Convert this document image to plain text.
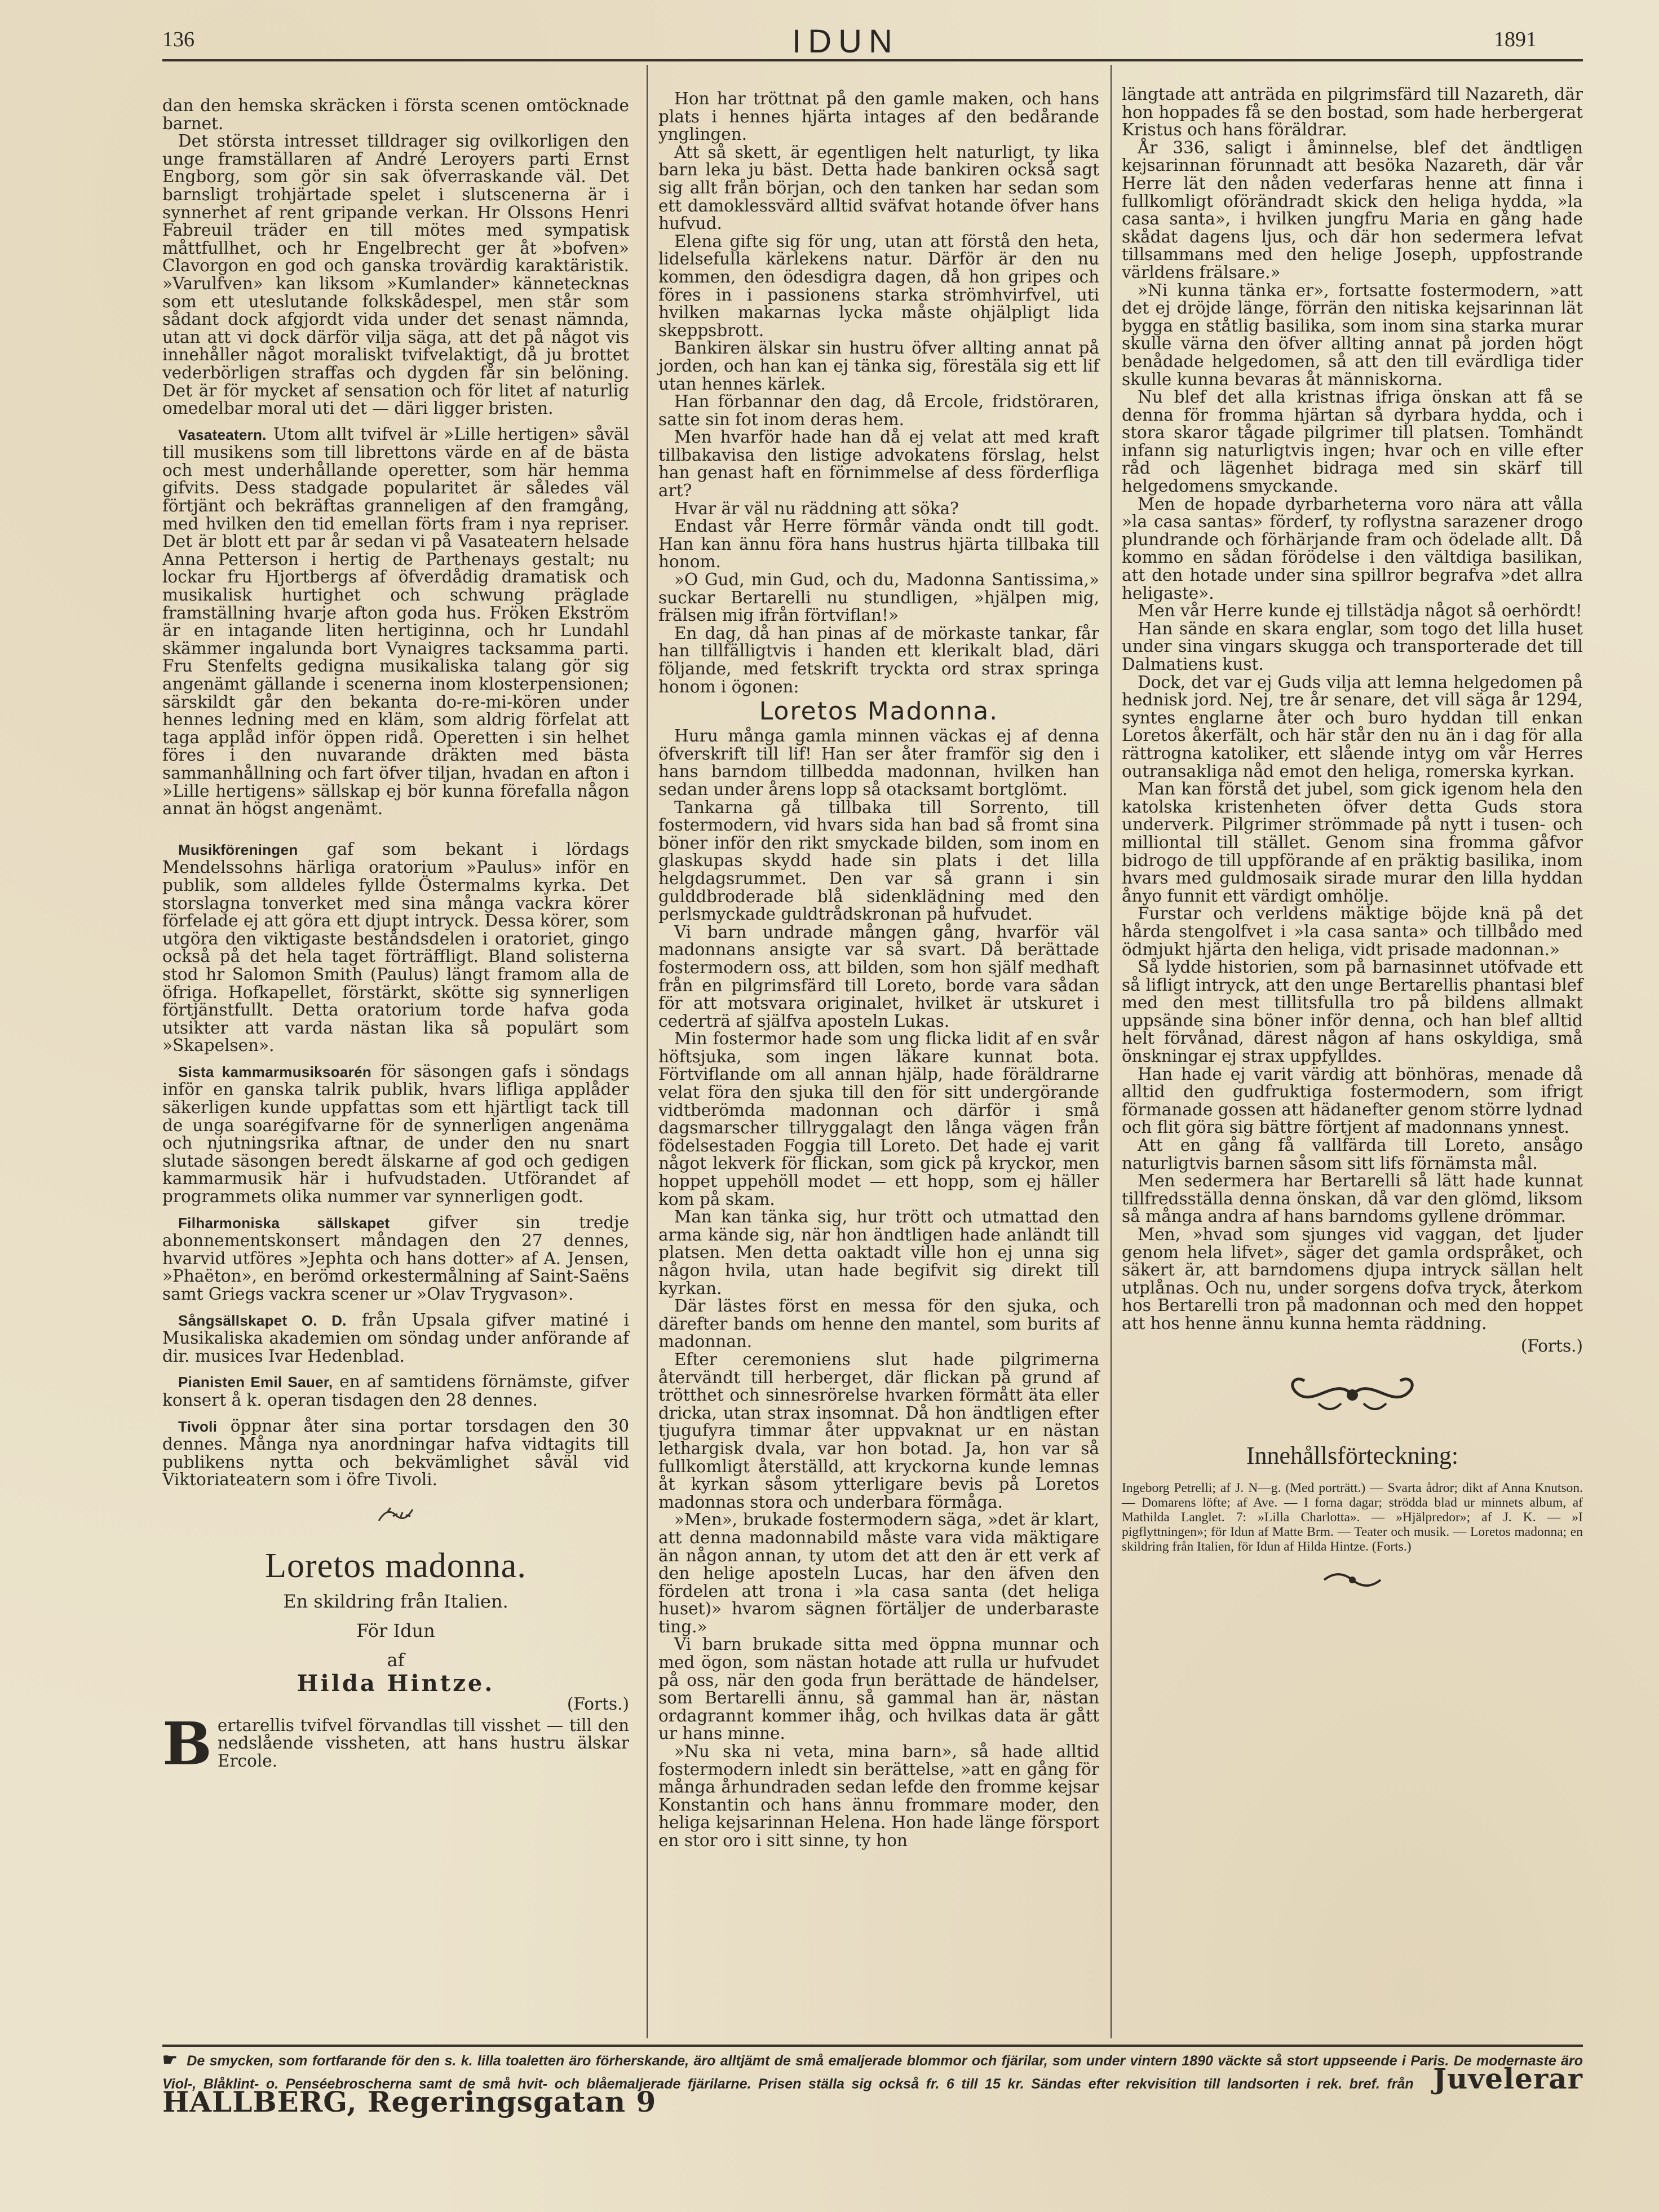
136	IDUN	1891

dan den hemska skräcken i första scenen omtöcknade barnet.

Det största intresset tilldrager sig ovilkorligen den unge framställaren af André Leroyers parti Ernst Engborg, som gör sin sak öfverraskande väl. Det barnsligt trohjärtade spelet i slutscenerna är i synnerhet af rent gripande verkan. Hr Olssons Henri Fabreuil träder en till mötes med sympatisk måttfullhet, och hr Engelbrecht ger åt »bofven» Clavorgon en god och ganska trovärdig karaktäristik. »Varulfven» kan liksom »Kumlander» kännetecknas som ett uteslutande folkskådespel, men står som sådant dock afgjordt vida under det senast nämnda, utan att vi dock därför vilja säga, att det på något vis innehåller något moraliskt tvifvelaktigt, då ju brottet vederbörligen straffas och dygden får sin belöning. Det är för mycket af sensation och för litet af naturlig omedelbar moral uti det — däri ligger bristen.

Vasateatern. Utom allt tvifvel är »Lille hertigen» såväl till musikens som till librettons värde en af de bästa och mest underhållande operetter, som här hemma gifvits. Dess stadgade popularitet är således väl förtjänt och bekräftas granneligen af den framgång, med hvilken den tid emellan förts fram i nya repriser. Det är blott ett par år sedan vi på Vasateatern helsade Anna Petterson i hertig de Parthenays gestalt; nu lockar fru Hjortbergs af öfverdådig dramatisk och musikalisk hurtighet och schwung präglade framställning hvarje afton goda hus. Fröken Ekström är en intagande liten hertiginna, och hr Lundahl skämmer ingalunda bort Vynaigres tacksamma parti. Fru Stenfelts gedigna musikaliska talang gör sig angenämt gällande i scenerna inom klosterpensionen; särskildt går den bekanta do-re-mi-kören under hennes ledning med en kläm, som aldrig förfelat att taga applåd inför öppen ridå. Operetten i sin helhet föres i den nuvarande dräkten med bästa sammanhållning och fart öfver tiljan, hvadan en afton i »Lille hertigens» sällskap ej bör kunna förefalla någon annat än högst angenämt.

Musikföreningen gaf som bekant i lördags Mendelssohns härliga oratorium »Paulus» inför en publik, som alldeles fyllde Östermalms kyrka. Det storslagna tonverket med sina många vackra körer förfelade ej att göra ett djupt intryck. Dessa körer, som utgöra den viktigaste beståndsdelen i oratoriet, gingo också på det hela taget förträffligt. Bland solisterna stod hr Salomon Smith (Paulus) längt framom alla de öfriga. Hofkapellet, förstärkt, skötte sig synnerligen förtjänstfullt. Detta oratorium torde hafva goda utsikter att varda nästan lika så populärt som »Skapelsen».

Sista kammarmusiksoarén för säsongen gafs i söndags inför en ganska talrik publik, hvars lifliga applåder säkerligen kunde uppfattas som ett hjärtligt tack till de unga soarégifvarne för de synnerligen angenäma och njutningsrika aftnar, de under den nu snart slutade säsongen beredt älskarne af god och gedigen kammarmusik här i hufvudstaden. Utförandet af programmets olika nummer var synnerligen godt.

Filharmoniska sällskapet gifver sin tredje abonnementskonsert måndagen den 27 dennes, hvarvid utföres »Jephta och hans dotter» af A. Jensen, »Phaëton», en berömd orkestermålning af Saint-Saëns samt Griegs vackra scener ur »Olav Trygvason».

Sångsällskapet O. D. från Upsala gifver matiné i Musikaliska akademien om söndag under anförande af dir. musices Ivar Hedenblad.

Pianisten Emil Sauer, en af samtidens förnämste, gifver konsert å k. operan tisdagen den 28 dennes.

Tivoli öppnar åter sina portar torsdagen den 30 dennes. Många nya anordningar hafva vidtagits till publikens nytta och bekvämlighet såväl vid Viktoriateatern som i öfre Tivoli.

Loretos madonna.
En skildring från Italien.
För Idun
af
Hilda Hintze.
(Forts.)

Bertarellis tvifvel förvandlas till visshet — till den nedslående vissheten, att hans hustru älskar Ercole.

Hon har tröttnat på den gamle maken, och hans plats i hennes hjärta intages af den bedårande ynglingen.

Att så skett, är egentligen helt naturligt, ty lika barn leka ju bäst. Detta hade bankiren också sagt sig allt från början, och den tanken har sedan som ett damoklessvärd alltid sväfvat hotande öfver hans hufvud.

Elena gifte sig för ung, utan att förstå den heta, lidelsefulla kärlekens natur. Därför är den nu kommen, den ödesdigra dagen, då hon gripes och föres in i passionens starka strömhvirfvel, uti hvilken makarnas lycka måste ohjälpligt lida skeppsbrott.

Bankiren älskar sin hustru öfver allting annat på jorden, och han kan ej tänka sig, förestäla sig ett lif utan hennes kärlek.

Han förbannar den dag, då Ercole, fridstöraren, satte sin fot inom deras hem.

Men hvarför hade han då ej velat att med kraft tillbakavisa den listige advokatens förslag, helst han genast haft en förnimmelse af dess förderfliga art?

Hvar är väl nu räddning att söka?

Endast vår Herre förmår vända ondt till godt. Han kan ännu föra hans hustrus hjärta tillbaka till honom.

»O Gud, min Gud, och du, Madonna Santissima,» suckar Bertarelli nu stundligen, »hjälpen mig, frälsen mig ifrån förtviflan!»

En dag, då han pinas af de mörkaste tankar, får han tillfälligtvis i handen ett klerikalt blad, däri följande, med fetskrift tryckta ord strax springa honom i ögonen:

Loretos Madonna.

Huru många gamla minnen väckas ej af denna öfverskrift till lif! Han ser åter framför sig den i hans barndom tillbedda madonnan, hvilken han sedan under årens lopp så otacksamt bortglömt.

Tankarna gå tillbaka till Sorrento, till fostermodern, vid hvars sida han bad så fromt sina böner inför den rikt smyckade bilden, som inom en glaskupas skydd hade sin plats i det lilla helgdagsrummet. Den var så grann i sin gulddbroderade blå sidenklädning med den perlsmyckade guldtrådskronan på hufvudet.

Vi barn undrade mången gång, hvarför väl madonnans ansigte var så svart. Då berättade fostermodern oss, att bilden, som hon själf medhaft från en pilgrimsfärd till Loreto, borde vara sådan för att motsvara originalet, hvilket är utskuret i cederträ af själfva aposteln Lukas.

Min fostermor hade som ung flicka lidit af en svår höftsjuka, som ingen läkare kunnat bota. Förtviflande om all annan hjälp, hade föräldrarne velat föra den sjuka till den för sitt undergörande vidtberömda madonnan och därför i små dagsmarscher tillryggalagt den långa vägen från födelsestaden Foggia till Loreto. Det hade ej varit något lekverk för flickan, som gick på kryckor, men hoppet uppehöll modet — ett hopp, som ej häller kom på skam.

Man kan tänka sig, hur trött och utmattad den arma kände sig, när hon ändtligen hade anländt till platsen. Men detta oaktadt ville hon ej unna sig någon hvila, utan hade begifvit sig direkt till kyrkan.

Där lästes först en messa för den sjuka, och därefter bands om henne den mantel, som burits af madonnan.

Efter ceremoniens slut hade pilgrimerna återvändt till herberget, där flickan på grund af trötthet och sinnesrörelse hvarken förmått äta eller dricka, utan strax insomnat. Då hon ändtligen efter tjugufyra timmar åter uppvaknat ur en nästan lethargisk dvala, var hon botad. Ja, hon var så fullkomligt återställd, att kryckorna kunde lemnas åt kyrkan såsom ytterligare bevis på Loretos madonnas stora och underbara förmåga.

»Men», brukade fostermodern säga, »det är klart, att denna madonnabild måste vara vida mäktigare än någon annan, ty utom det att den är ett verk af den helige aposteln Lucas, har den äfven den fördelen att trona i »la casa santa (det heliga huset)» hvarom sägnen förtäljer de underbaraste ting.»

Vi barn brukade sitta med öppna munnar och med ögon, som nästan hotade att rulla ur hufvudet på oss, när den goda frun berättade de händelser, som Bertarelli ännu, så gammal han är, nästan ordagrannt kommer ihåg, och hvilkas data är gått ur hans minne.

»Nu ska ni veta, mina barn», så hade alltid fostermodern inledt sin berättelse, »att en gång för många århundraden sedan lefde den fromme kejsar Konstantin och hans ännu frommare moder, den heliga kejsarinnan Helena. Hon hade länge försport en stor oro i sitt sinne, ty hon

längtade att anträda en pilgrimsfärd till Nazareth, där hon hoppades få se den bostad, som hade herbergerat Kristus och hans föräldrar.

År 336, saligt i åminnelse, blef det ändtligen kejsarinnan förunnadt att besöka Nazareth, där vår Herre lät den nåden vederfaras henne att finna i fullkomligt oförändradt skick den heliga hydda, »la casa santa», i hvilken jungfru Maria en gång hade skådat dagens ljus, och där hon sedermera lefvat tillsammans med den helige Joseph, uppfostrande världens frälsare.»

»Ni kunna tänka er», fortsatte fostermodern, »att det ej dröjde länge, förrän den nitiska kejsarinnan lät bygga en ståtlig basilika, som inom sina starka murar skulle värna den öfver allting annat på jorden högt benådade helgedomen, så att den till evärdliga tider skulle kunna bevaras åt människorna.

Nu blef det alla kristnas ifriga önskan att få se denna för fromma hjärtan så dyrbara hydda, och i stora skaror tågade pilgrimer till platsen. Tomhändt infann sig naturligtvis ingen; hvar och en ville efter råd och lägenhet bidraga med sin skärf till helgedomens smyckande.

Men de hopade dyrbarheterna voro nära att vålla »la casa santas» förderf, ty roflystna sarazener drogo plundrande och förhärjande fram och ödelade allt. Då kommo en sådan förödelse i den vältdiga basilikan, att den hotade under sina spillror begrafva »det allra heligaste».

Men vår Herre kunde ej tillstädja något så oerhördt!

Han sände en skara englar, som togo det lilla huset under sina vingars skugga och transporterade det till Dalmatiens kust.

Dock, det var ej Guds vilja att lemna helgedomen på hednisk jord. Nej, tre år senare, det vill säga år 1294, syntes englarne åter och buro hyddan till enkan Loretos åkerfält, och här står den nu än i dag för alla rättrogna katoliker, ett slående intyg om vår Herres outransakliga nåd emot den heliga, romerska kyrkan.

Man kan förstå det jubel, som gick igenom hela den katolska kristenheten öfver detta Guds stora underverk. Pilgrimer strömmade på nytt i tusen- och milliontal till stället. Genom sina fromma gåfvor bidrogo de till uppförande af en präktig basilika, inom hvars med guldmosaik sirade murar den lilla hyddan ånyo funnit ett värdigt omhölje.

Furstar och verldens mäktige böjde knä på det hårda stengolfvet i »la casa santa» och tillbådo med ödmjukt hjärta den heliga, vidt prisade madonnan.»

Så lydde historien, som på barnasinnet utöfvade ett så lifligt intryck, att den unge Bertarellis phantasi blef med den mest tillitsfulla tro på bildens allmakt uppsände sina böner inför denna, och han blef alltid helt förvånad, därest någon af hans oskyldiga, små önskningar ej strax uppfylldes.

Han hade ej varit värdig att bönhöras, menade då alltid den gudfruktiga fostermodern, som ifrigt förmanade gossen att hädanefter genom större lydnad och flit göra sig bättre förtjent af madonnans ynnest.

Att en gång få vallfärda till Loreto, ansågo naturligtvis barnen såsom sitt lifs förnämsta mål.

Men sedermera har Bertarelli så lätt hade kunnat tillfredsställa denna önskan, då var den glömd, liksom så många andra af hans barndoms gyllene drömmar.

Men, »hvad som sjunges vid vaggan, det ljuder genom hela lifvet», säger det gamla ordspråket, och säkert är, att barndomens djupa intryck sällan helt utplånas. Och nu, under sorgens dofva tryck, återkom hos Bertarelli tron på madonnan och med den hoppet att hos henne ännu kunna hemta räddning.

(Forts.)
Innehållsförteckning:

Ingeborg Petrelli; af J. N—g. (Med porträtt.) — Svarta ådror; dikt af Anna Knutson. — Domarens löfte; af Ave. — I forna dagar; strödda blad ur minnets album, af Mathilda Langlet. 7: »Lilla Charlotta». — »Hjälpredor»; af J. K. — »I pigflyttningen»; för Idun af Matte Brm. — Teater och musik. — Loretos madonna; en skildring från Italien, för Idun af Hilda Hintze. (Forts.)

☛ De smycken, som fortfarande för den s. k. lilla toaletten äro förherskande, äro alltjämt de små emaljerade blommor och fjärilar, som under vintern 1890 väckte så stort uppseende i Paris. De modernaste äro Viol-, Blåklint- o. Penséebroscherna samt de små hvit- och blåemaljerade fjärilarne. Prisen ställa sig också fr. 6 till 15 kr. Sändas efter rekvisition till landsorten i rek. bref. från Juvelerar HALLBERG, Regeringsgatan 9
